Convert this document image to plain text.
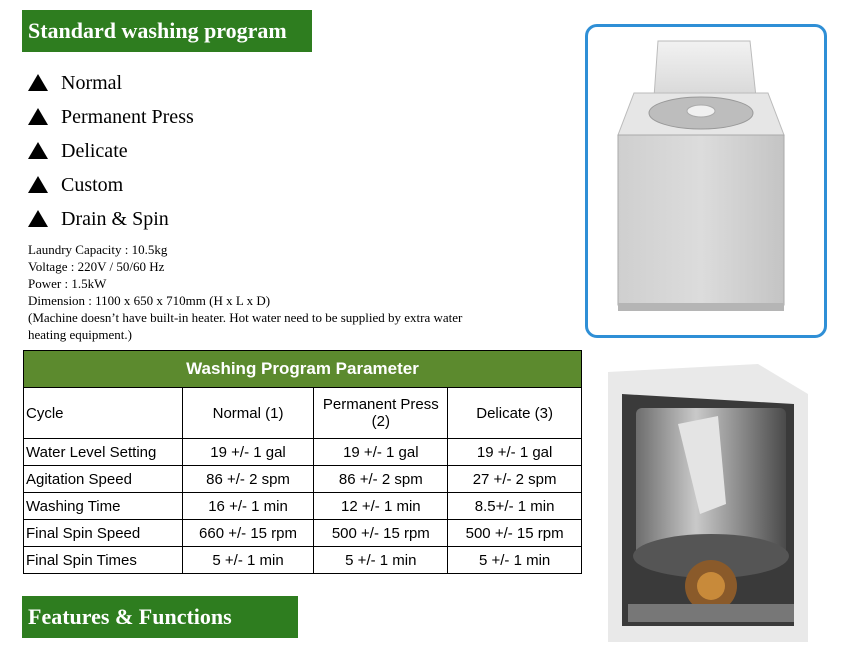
Standard washing program
Normal
Permanent Press
Delicate
Custom
Drain & Spin
Laundry Capacity : 10.5kg
Voltage : 220V / 50/60 Hz
Power : 1.5kW
Dimension : 1100 x 650 x 710mm (H x L x D)
(Machine doesn’t have built-in heater. Hot water need to be supplied by extra water
heating equipment.)
Washing Program Parameter			
Cycle	Normal (1)	Permanent Press (2)	Delicate (3)
Water Level Setting	19 +/- 1 gal	19 +/- 1 gal	19 +/- 1 gal
Agitation Speed	86 +/- 2 spm	86 +/- 2 spm	27 +/- 2 spm
Washing Time	16 +/- 1 min	12 +/- 1 min	8.5+/- 1 min
Final Spin Speed	660 +/- 15 rpm	500 +/- 15 rpm	500 +/- 15 rpm
Final Spin Times	5 +/- 1 min	5 +/- 1 min	5 +/- 1 min
Features & Functions
